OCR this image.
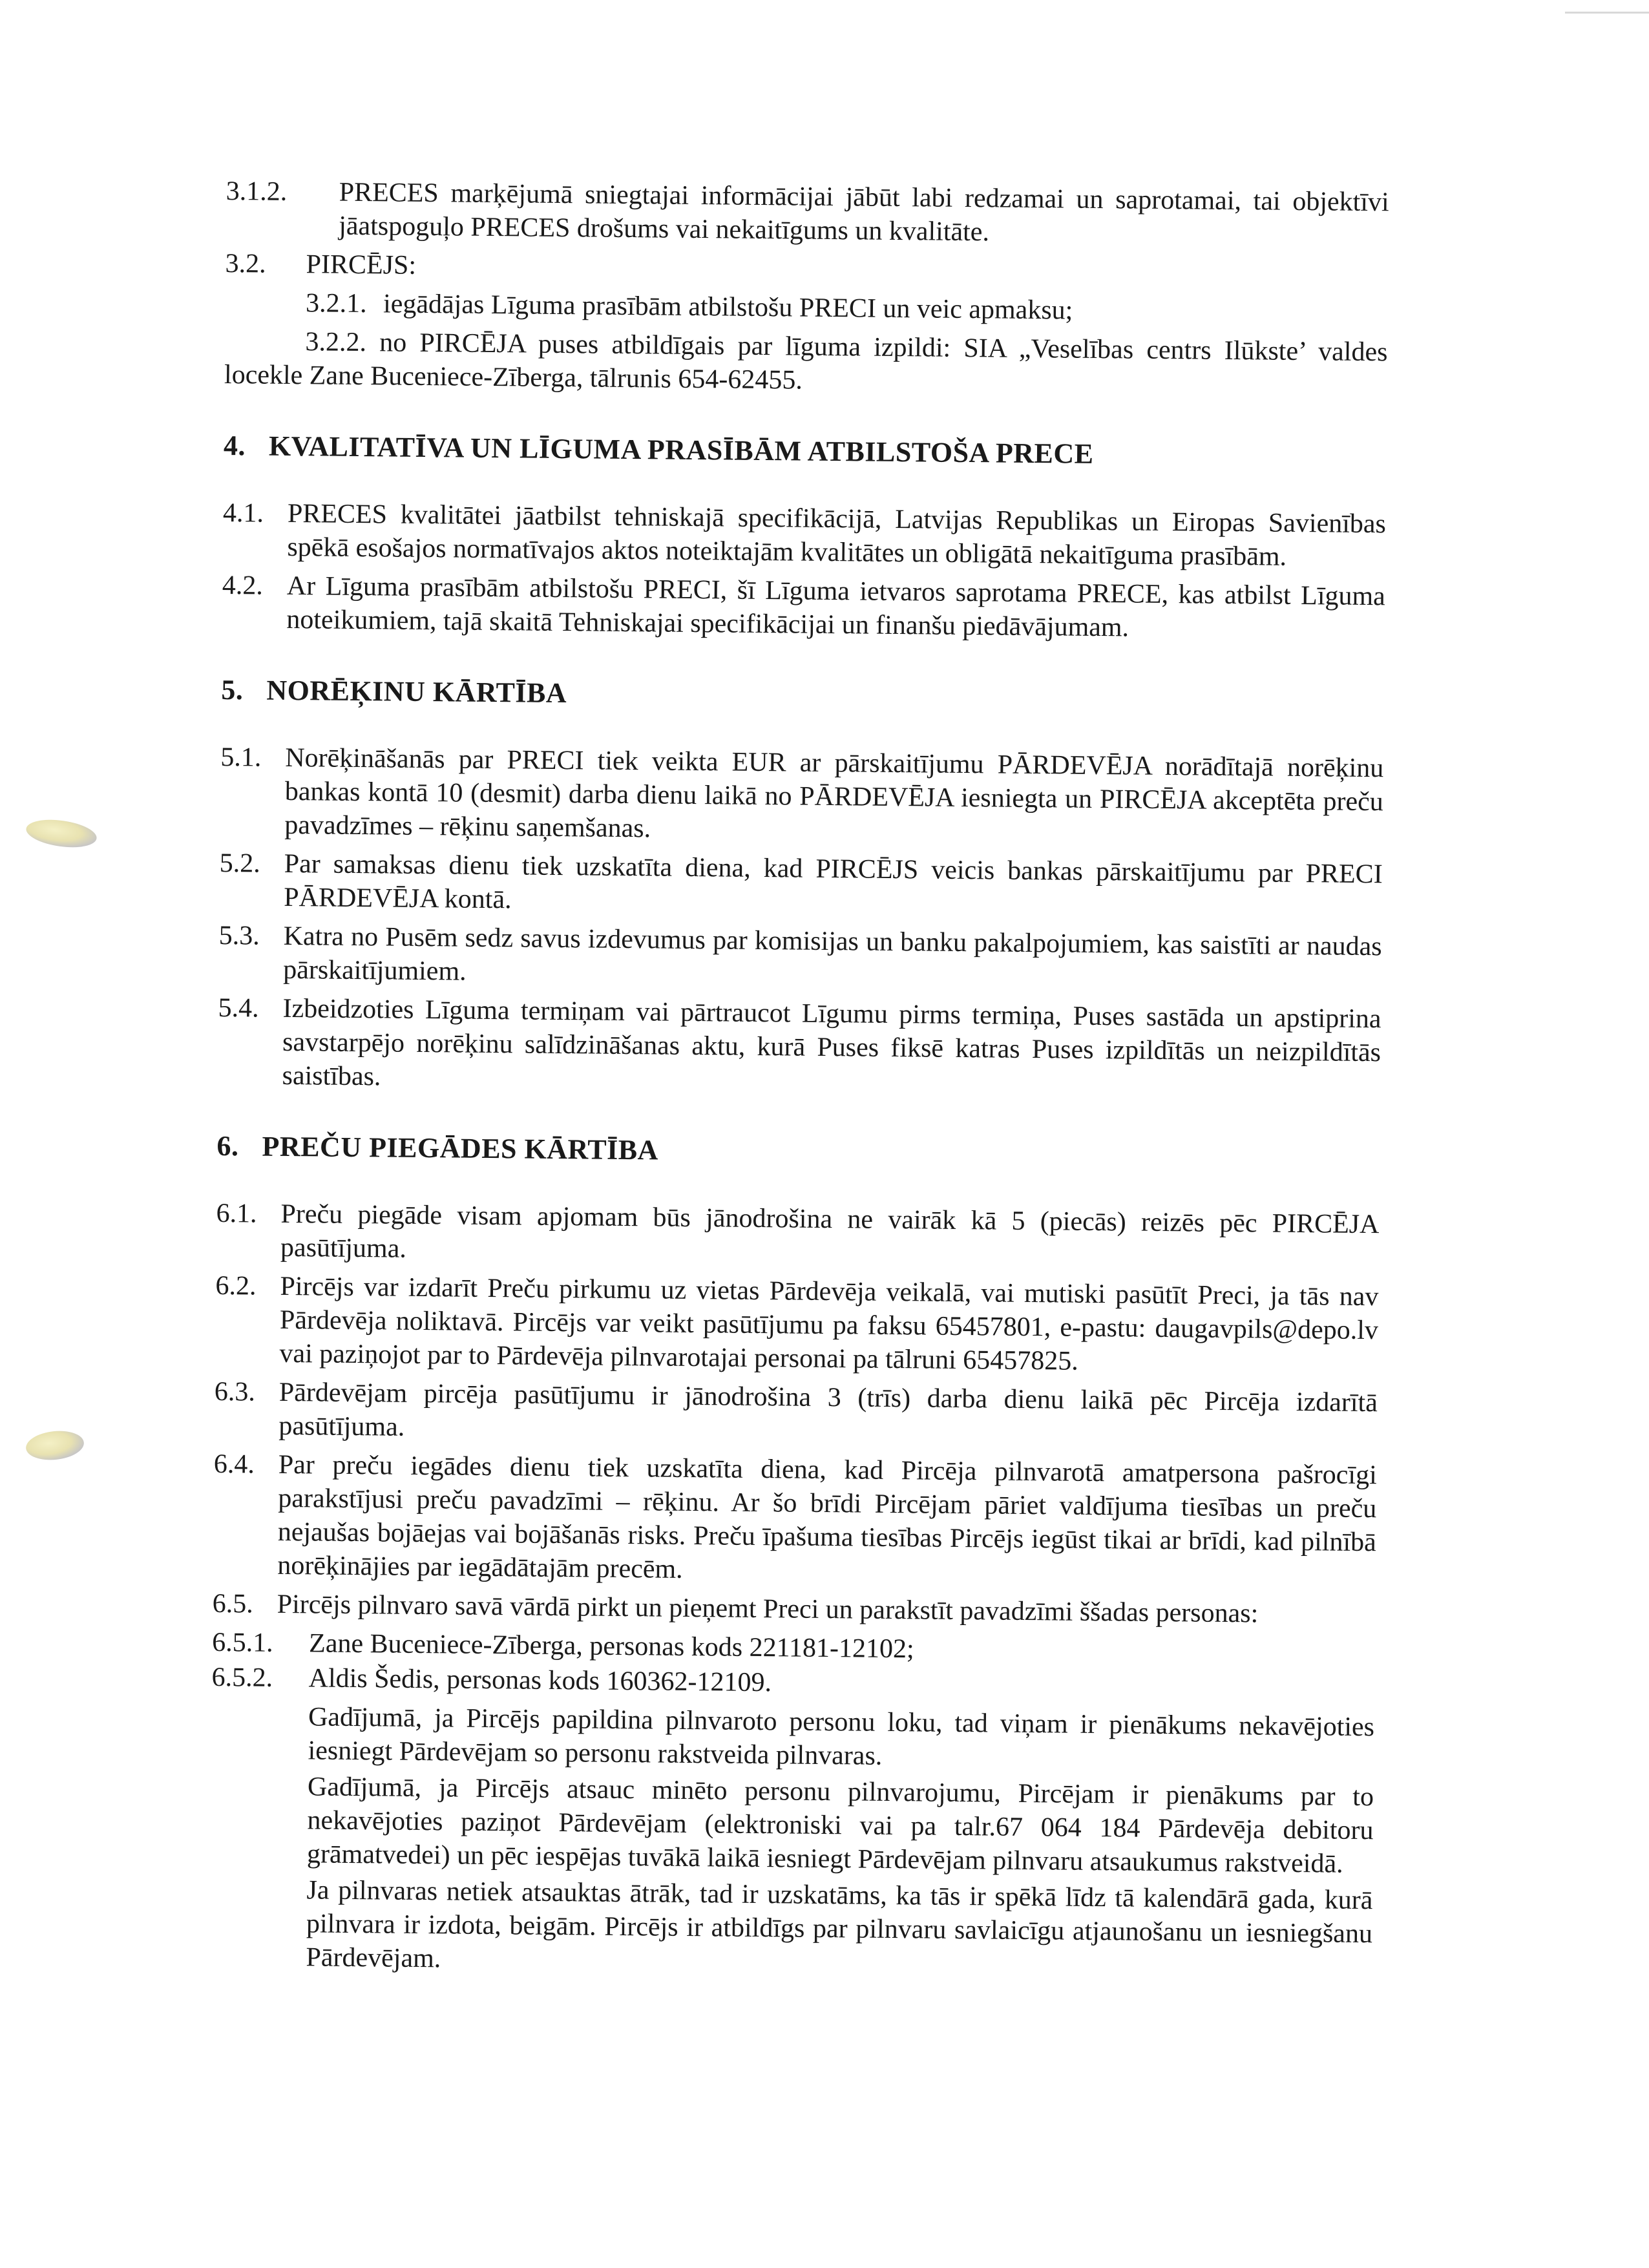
3.1.2.	PRECES marķējumā sniegtajai informācijai jābūt labi redzamai un saprotamai, tai objektīvi jāatspoguļo PRECES drošums vai nekaitīgums un kvalitāte.
3.2.	PIRCĒJS:
3.2.1. iegādājas Līguma prasībām atbilstošu PRECI un veic apmaksu;
3.2.2. no PIRCĒJA puses atbildīgais par līguma izpildi: SIA „Veselības centrs Ilūkste’ valdes locekle Zane Buceniece-Zīberga, tālrunis 654-62455.
4. KVALITATĪVA UN LĪGUMA PRASĪBĀM ATBILSTOŠA PRECE
4.1. PRECES kvalitātei jāatbilst tehniskajā specifikācijā, Latvijas Republikas un Eiropas Savienības spēkā esošajos normatīvajos aktos noteiktajām kvalitātes un obligātā nekaitīguma prasībām.
4.2. Ar Līguma prasībām atbilstošu PRECI, šī Līguma ietvaros saprotama PRECE, kas atbilst Līguma noteikumiem, tajā skaitā Tehniskajai specifikācijai un finanšu piedāvājumam.
5. NORĒĶINU KĀRTĪBA
5.1. Norēķināšanās par PRECI tiek veikta EUR ar pārskaitījumu PĀRDEVĒJA norādītajā norēķinu bankas kontā 10 (desmit) darba dienu laikā no PĀRDEVĒJA iesniegta un PIRCĒJA akceptēta preču pavadzīmes – rēķinu saņemšanas.
5.2. Par samaksas dienu tiek uzskatīta diena, kad PIRCĒJS veicis bankas pārskaitījumu par PRECI PĀRDEVĒJA kontā.
5.3. Katra no Pusēm sedz savus izdevumus par komisijas un banku pakalpojumiem, kas saistīti ar naudas pārskaitījumiem.
5.4. Izbeidzoties Līguma termiņam vai pārtraucot Līgumu pirms termiņa, Puses sastāda un apstiprina savstarpējo norēķinu salīdzināšanas aktu, kurā Puses fiksē katras Puses izpildītās un neizpildītās saistības.
6. PREČU PIEGĀDES KĀRTĪBA
6.1. Preču piegāde visam apjomam būs jānodrošina ne vairāk kā 5 (piecās) reizēs pēc PIRCĒJA pasūtījuma.
6.2. Pircējs var izdarīt Preču pirkumu uz vietas Pārdevēja veikalā, vai mutiski pasūtīt Preci, ja tās nav Pārdevēja noliktavā. Pircējs var veikt pasūtījumu pa faksu 65457801, e-pastu: daugavpils@depo.lv vai paziņojot par to Pārdevēja pilnvarotajai personai pa tālruni 65457825.
6.3. Pārdevējam pircēja pasūtījumu ir jānodrošina 3 (trīs) darba dienu laikā pēc Pircēja izdarītā pasūtījuma.
6.4. Par preču iegādes dienu tiek uzskatīta diena, kad Pircēja pilnvarotā amatpersona pašrocīgi parakstījusi preču pavadzīmi – rēķinu. Ar šo brīdi Pircējam pāriet valdījuma tiesības un preču nejaušas bojāejas vai bojāšanās risks. Preču īpašuma tiesības Pircējs iegūst tikai ar brīdi, kad pilnībā norēķinājies par iegādātajām precēm.
6.5. Pircējs pilnvaro savā vārdā pirkt un pieņemt Preci un parakstīt pavadzīmi ššadas personas:
6.5.1.	Zane Buceniece-Zīberga, personas kods 221181-12102;
6.5.2.	Aldis Šedis, personas kods 160362-12109.
Gadījumā, ja Pircējs papildina pilnvaroto personu loku, tad viņam ir pienākums nekavējoties iesniegt Pārdevējam so personu rakstveida pilnvaras.
Gadījumā, ja Pircējs atsauc minēto personu pilnvarojumu, Pircējam ir pienākums par to nekavējoties paziņot Pārdevējam (elektroniski vai pa talr.67 064 184 Pārdevēja debitoru grāmatvedei) un pēc iespējas tuvākā laikā iesniegt Pārdevējam pilnvaru atsaukumus rakstveidā.
Ja pilnvaras netiek atsauktas ātrāk, tad ir uzskatāms, ka tās ir spēkā līdz tā kalendārā gada, kurā pilnvara ir izdota, beigām. Pircējs ir atbildīgs par pilnvaru savlaicīgu atjaunošanu un iesniegšanu Pārdevējam.
